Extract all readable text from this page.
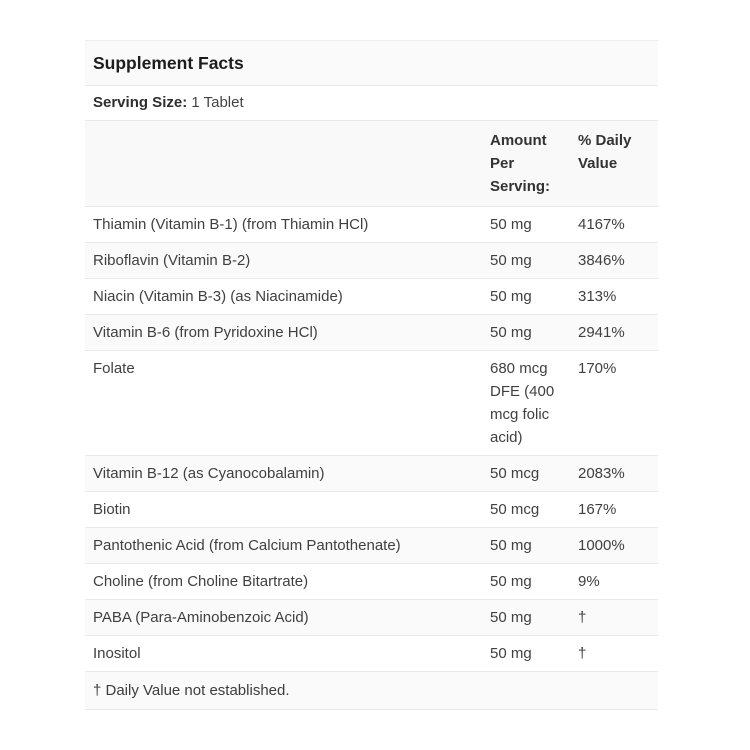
Supplement Facts
Serving Size: 1 Tablet
	Amount Per Serving:	% Daily Value
Thiamin (Vitamin B-1) (from Thiamin HCl)	50 mg	4167%
Riboflavin (Vitamin B-2)	50 mg	3846%
Niacin (Vitamin B-3) (as Niacinamide)	50 mg	313%
Vitamin B-6 (from Pyridoxine HCl)	50 mg	2941%
Folate	680 mcg DFE (400 mcg folic acid)	170%
Vitamin B-12 (as Cyanocobalamin)	50 mcg	2083%
Biotin	50 mcg	167%
Pantothenic Acid (from Calcium Pantothenate)	50 mg	1000%
Choline (from Choline Bitartrate)	50 mg	9%
PABA (Para-Aminobenzoic Acid)	50 mg	†
Inositol	50 mg	†
† Daily Value not established.
